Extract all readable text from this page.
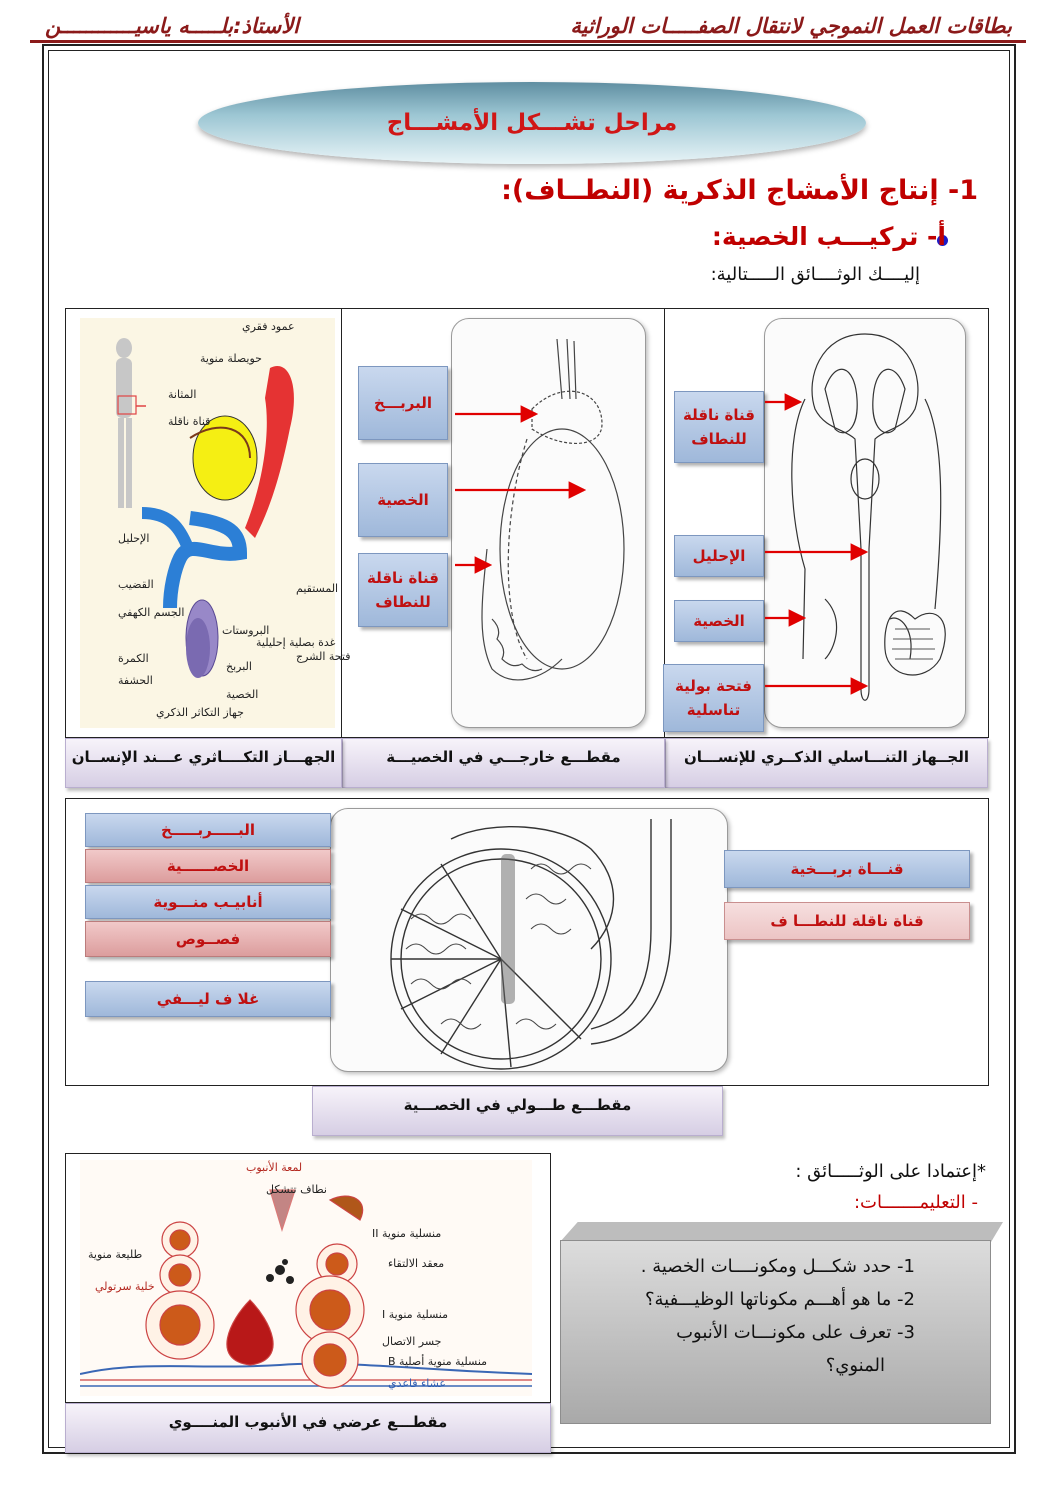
الأستاذ:بلـــــه ياسيــــــــــــن	بطاقات العمل النموجي لانتقال الصفـــــات الوراثية
مراحل تشـــكل الأمشـــاج
1- إنتاج الأمشاج الذكرية (النطــاف):
أ- تركيـــب الخصية:
إليــــك الوثــــائق الـــــتالية:
قناة ناقلة للنطاف
الإحليل
الخصية
فتحة بولية تناسلية
البربـــخ
الخصية
قناة ناقلة للنطاف
عمود فقري
حويصلة منوية
المثانة
قناة ناقلة
الإحليل
القضيب
الجسم الكهفي
الكمرة
الحشفة
البروستات
غدة بصلية إحليلية
البربخ
الخصية
المستقيم
فتحة الشرج
جهاز التكاثر الذكري
الجــهاز التنـــاسلي الذكــري للإنســـان
مقطـــع خارجـــي في الخصيـــة
الجهـــاز التكــــاثري عـــند الإنســان
البـــــربـــــخ
الخصــــــية
أنابيـب منـــوية
فصــوص
غلا ف ليـــفي
قنـــاة بربـــخية
قناة ناقلة للنطـــا ف
مقطـــع طـــولي في الخصـــية
لمعة الأنبوب
نطاف تتشكل
منسلية منوية II
طليعة منوية
معقد الالتقاء
خلية سرتولي
منسلية منوية I
جسر الاتصال
منسلية منوية أصلية B
غشاء قاعدي
مقطـــع عرضي في الأنبوب المنــــوي
*إعتمادا على الوثـــــائق :
- التعليمـــــــات:
1- حدد شكـــل ومكونــــات الخصية .
2- ما هو أهـــم مكوناتها الوظيـــفية؟
3- تعرف على مكونـــات الأنبوب
المنوي؟
